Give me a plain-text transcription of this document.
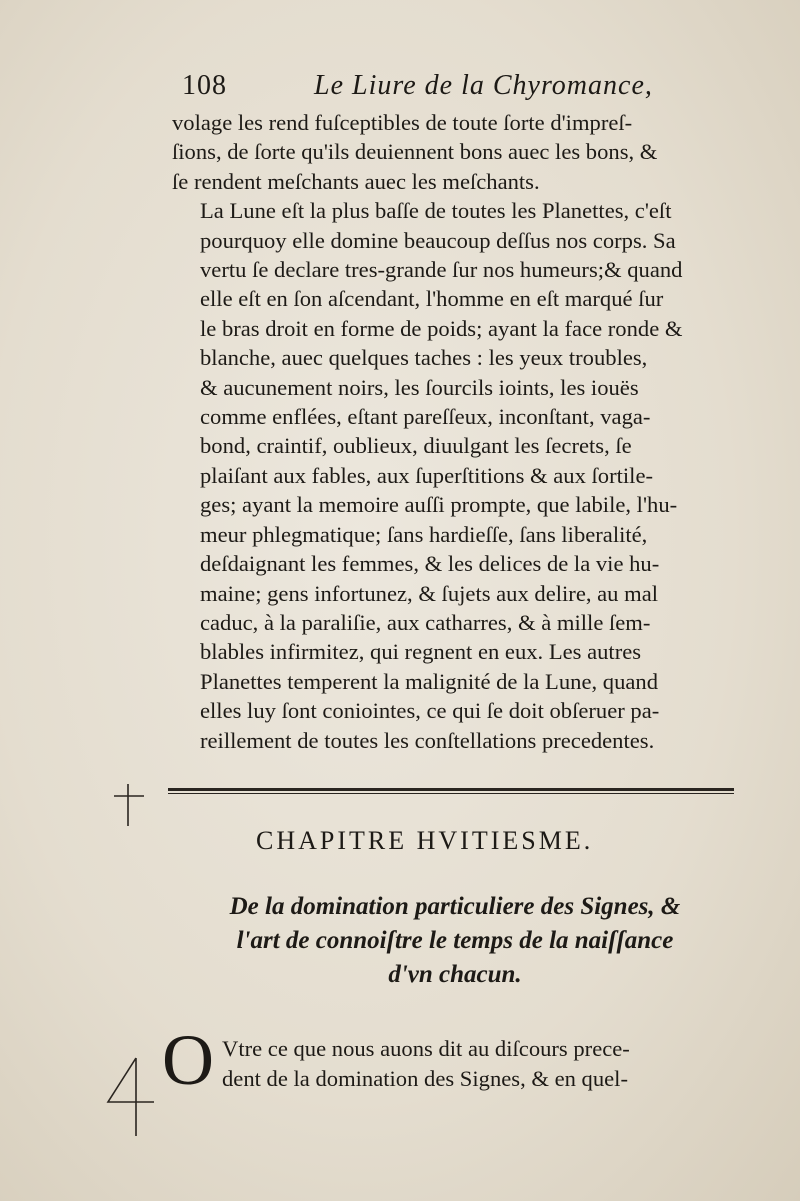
108	Le Liure de la Chyromance,

volage les rend fuſceptibles de toute ſorte d'impreſ-
ſions, de ſorte qu'ils deuiennent bons auec les bons, &
ſe rendent meſchants auec les meſchants.

La Lune eſt la plus baſſe de toutes les Planettes, c'eſt
pourquoy elle domine beaucoup deſſus nos corps. Sa
vertu ſe declare tres-grande ſur nos humeurs;& quand
elle eſt en ſon aſcendant, l'homme en eſt marqué ſur
le bras droit en forme de poids; ayant la face ronde &
blanche, auec quelques taches : les yeux troubles,
& aucunement noirs, les ſourcils ioints, les iouës
comme enflées, eſtant pareſſeux, inconſtant, vaga-
bond, craintif, oublieux, diuulgant les ſecrets, ſe
plaiſant aux fables, aux ſuperſtitions & aux ſortile-
ges; ayant la memoire auſſi prompte, que labile, l'hu-
meur phlegmatique; ſans hardieſſe, ſans liberalité,
deſdaignant les femmes, & les delices de la vie hu-
maine; gens infortunez, & ſujets aux delire, au mal
caduc, à la paraliſie, aux catharres, & à mille ſem-
blables infirmitez, qui regnent en eux. Les autres
Planettes temperent la malignité de la Lune, quand
elles luy ſont coniointes, ce qui ſe doit obſeruer pa-
reillement de toutes les conſtellations precedentes.

CHAPITRE HVITIESME.
De la domination particuliere des Signes, &
l'art de connoiſtre le temps de la naiſſance
d'vn chacun.
O Vtre ce que nous auons dit au diſcours prece-
dent de la domination des Signes, & en quel-
